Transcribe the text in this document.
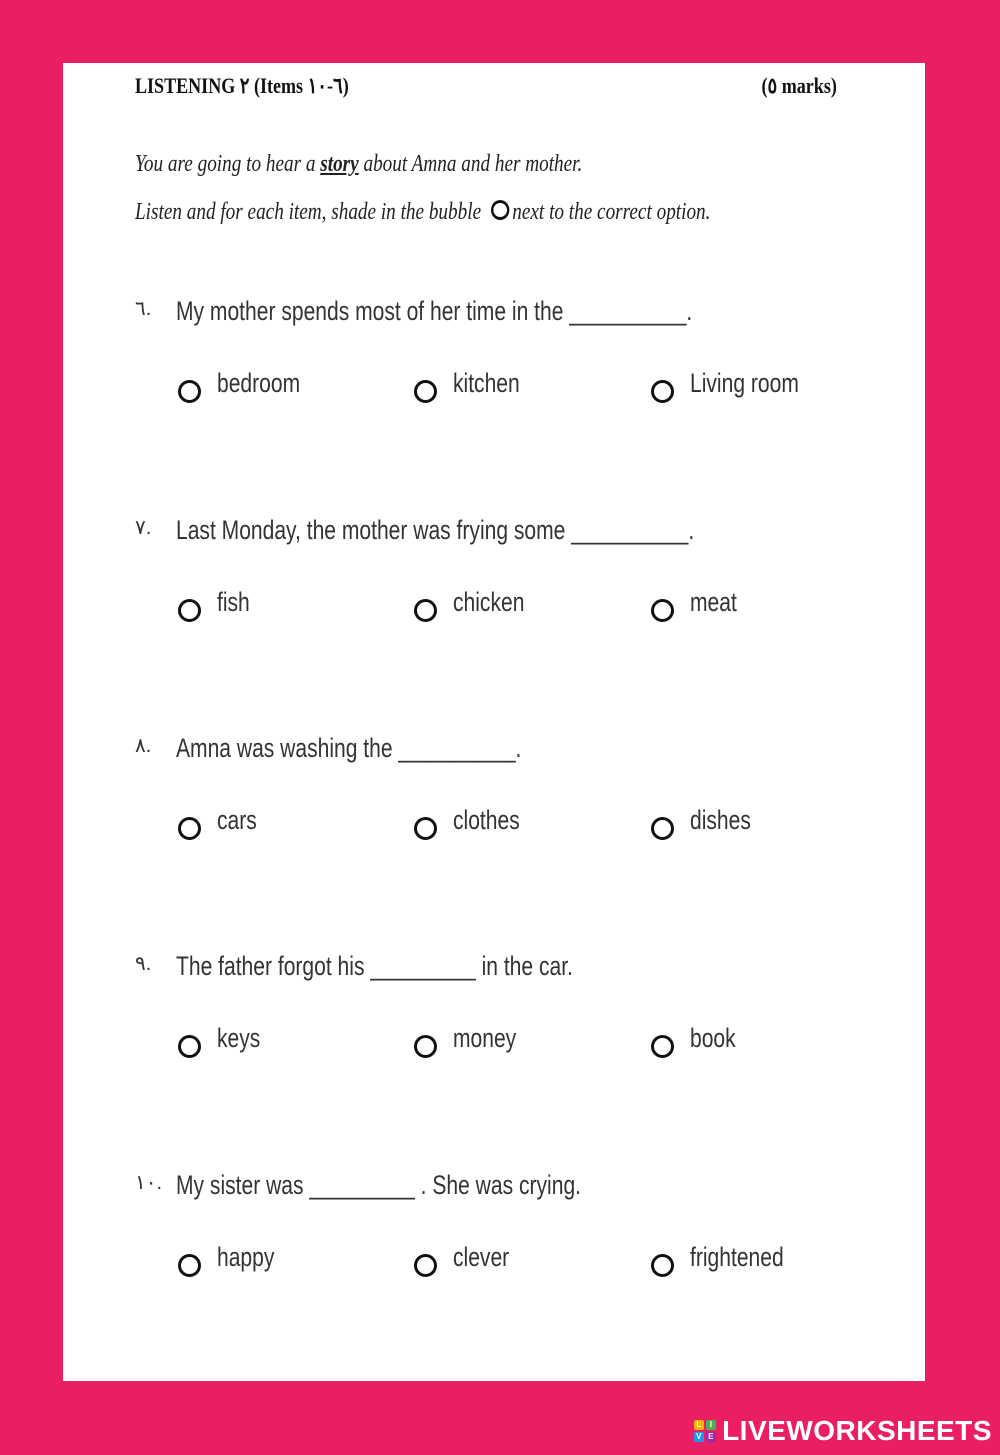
LISTENING ٢ (Items ٦-١٠)	(٥ marks)
You are going to hear a story about Amna and her mother.
Listen and for each item, shade in the bubble next to the correct option.
٦. My mother spends most of her time in the __________.
bedroom	kitchen	Living room
٧. Last Monday, the mother was frying some __________.
fish	chicken	meat
٨. Amna was washing the __________.
cars	clothes	dishes
٩. The father forgot his _________ in the car.
keys	money	book
١٠. My sister was _________ . She was crying.
happy	clever	frightened
L I
V E LIVEWORKSHEETS
